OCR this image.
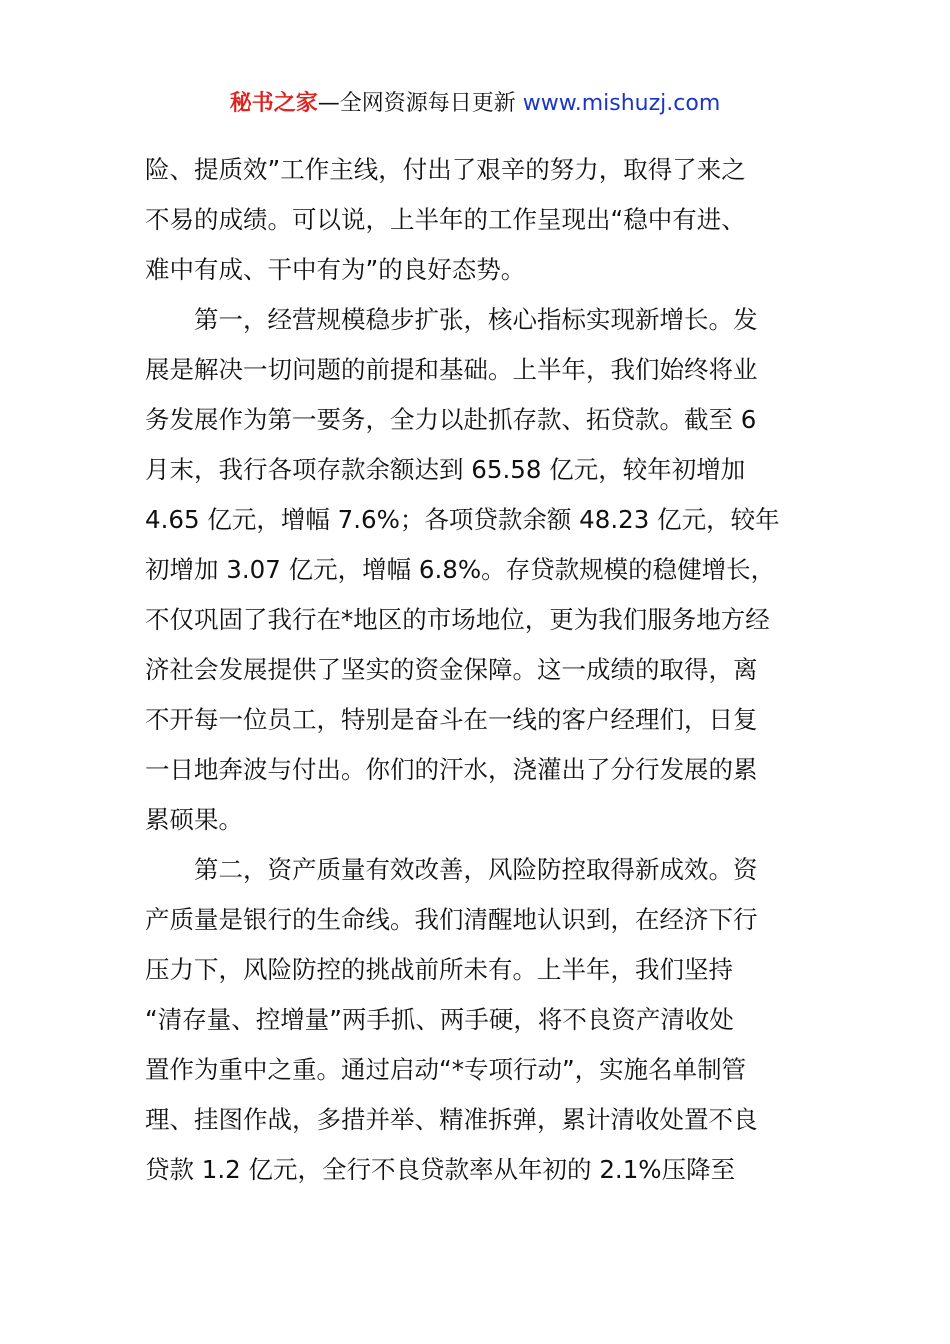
秘书之家—全网资源每日更新 www.mishuzj.com
险、提质效”工作主线，付出了艰辛的努力，取得了来之
不易的成绩。可以说，上半年的工作呈现出“稳中有进、
难中有成、干中有为”的良好态势。
　　第一，经营规模稳步扩张，核心指标实现新增长。发
展是解决一切问题的前提和基础。上半年，我们始终将业
务发展作为第一要务，全力以赴抓存款、拓贷款。截至 6
月末，我行各项存款余额达到 65.58 亿元，较年初增加
4.65 亿元，增幅 7.6%；各项贷款余额 48.23 亿元，较年
初增加 3.07 亿元，增幅 6.8%。存贷款规模的稳健增长，
不仅巩固了我行在*地区的市场地位，更为我们服务地方经
济社会发展提供了坚实的资金保障。这一成绩的取得，离
不开每一位员工，特别是奋斗在一线的客户经理们，日复
一日地奔波与付出。你们的汗水，浇灌出了分行发展的累
累硕果。
　　第二，资产质量有效改善，风险防控取得新成效。资
产质量是银行的生命线。我们清醒地认识到，在经济下行
压力下，风险防控的挑战前所未有。上半年，我们坚持
“清存量、控增量”两手抓、两手硬，将不良资产清收处
置作为重中之重。通过启动“*专项行动”，实施名单制管
理、挂图作战，多措并举、精准拆弹，累计清收处置不良
贷款 1.2 亿元，全行不良贷款率从年初的 2.1%压降至
